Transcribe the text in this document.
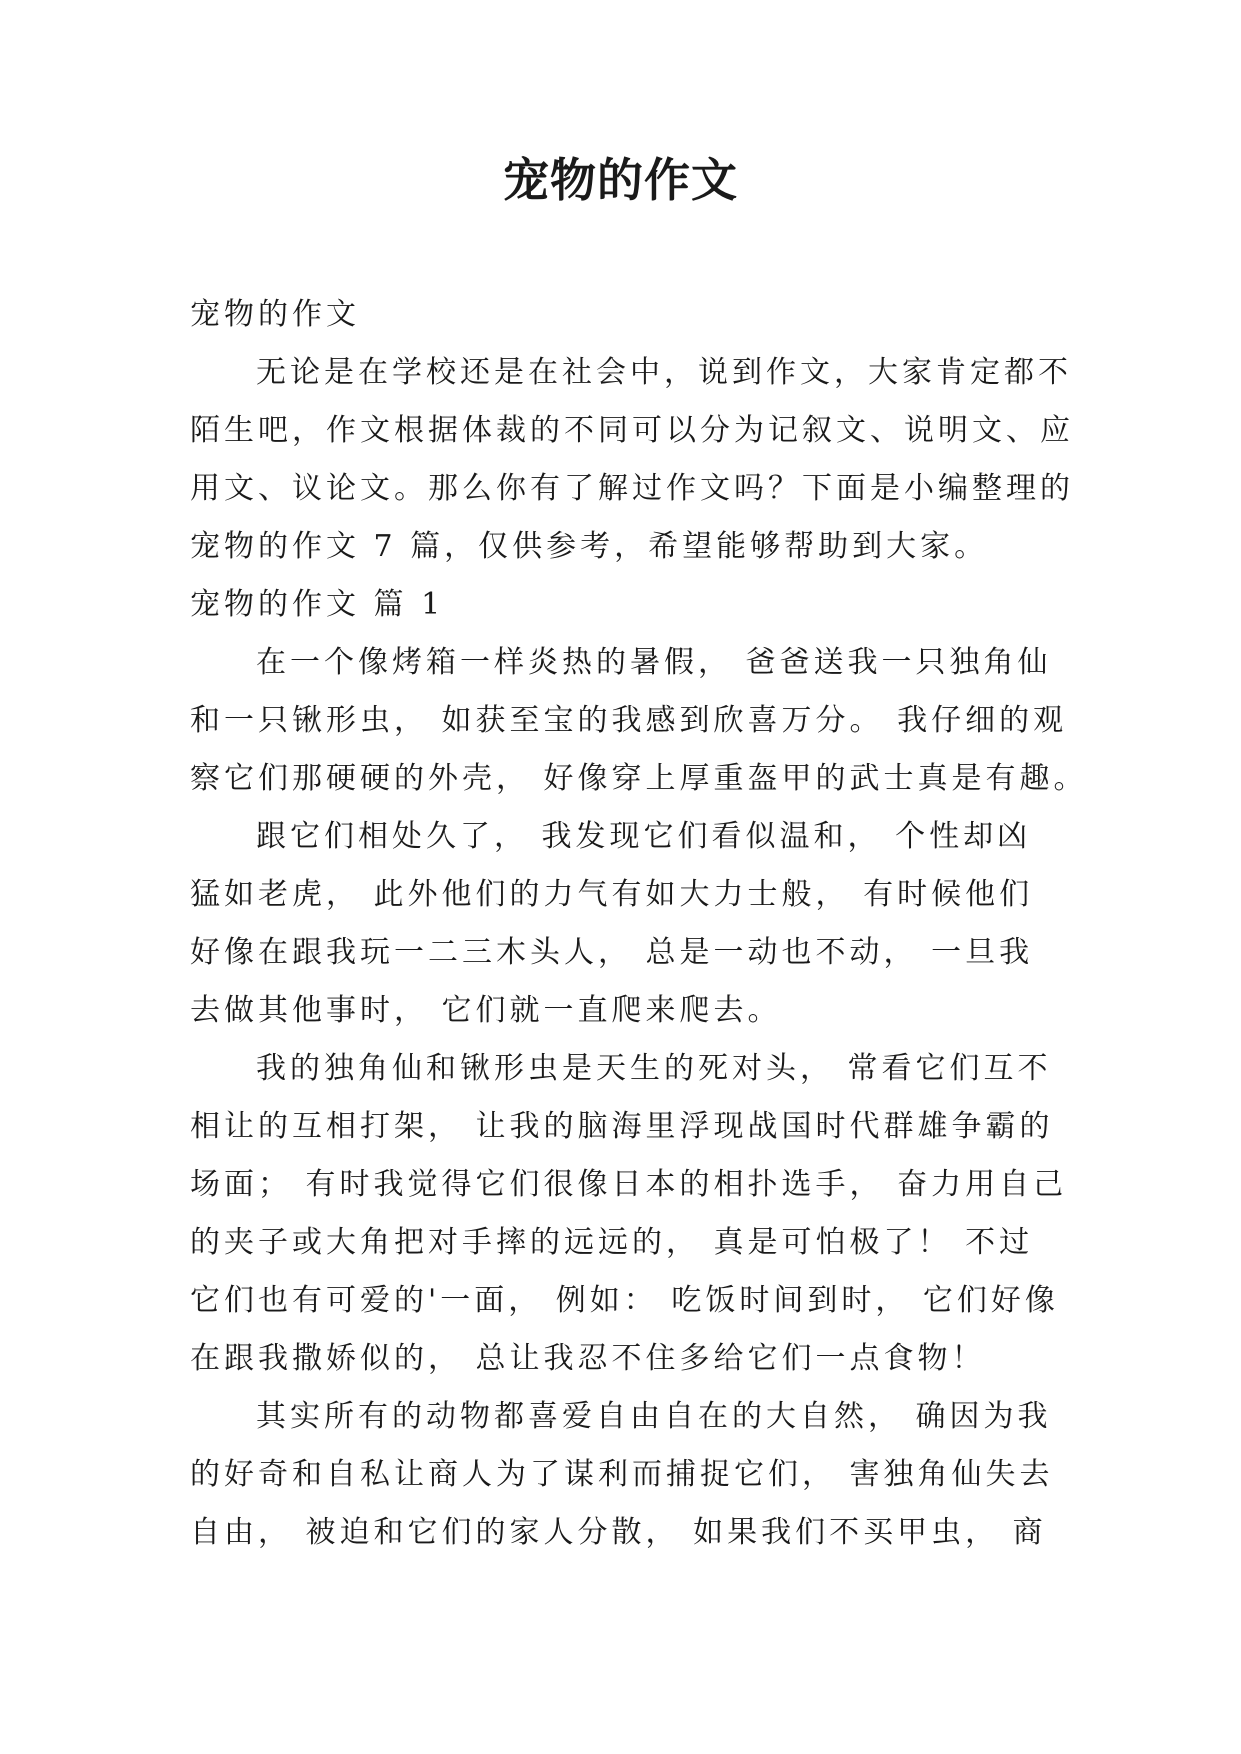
宠物的作文
宠物的作文
无论是在学校还是在社会中，说到作文，大家肯定都不
陌生吧，作文根据体裁的不同可以分为记叙文、说明文、应
用文、议论文。那么你有了解过作文吗？下面是小编整理的
宠物的作文 7 篇，仅供参考，希望能够帮助到大家。
宠物的作文 篇 1
在一个像烤箱一样炎热的暑假， 爸爸送我一只独角仙
和一只锹形虫， 如获至宝的我感到欣喜万分。 我仔细的观
察它们那硬硬的外壳， 好像穿上厚重盔甲的武士真是有趣。
跟它们相处久了， 我发现它们看似温和， 个性却凶
猛如老虎， 此外他们的力气有如大力士般， 有时候他们
好像在跟我玩一二三木头人， 总是一动也不动， 一旦我
去做其他事时， 它们就一直爬来爬去。
我的独角仙和锹形虫是天生的死对头， 常看它们互不
相让的互相打架， 让我的脑海里浮现战国时代群雄争霸的
场面； 有时我觉得它们很像日本的相扑选手， 奋力用自己
的夹子或大角把对手摔的远远的， 真是可怕极了！ 不过
它们也有可爱的'一面， 例如： 吃饭时间到时， 它们好像
在跟我撒娇似的， 总让我忍不住多给它们一点食物！
其实所有的动物都喜爱自由自在的大自然， 确因为我
的好奇和自私让商人为了谋利而捕捉它们， 害独角仙失去
自由， 被迫和它们的家人分散， 如果我们不买甲虫， 商
